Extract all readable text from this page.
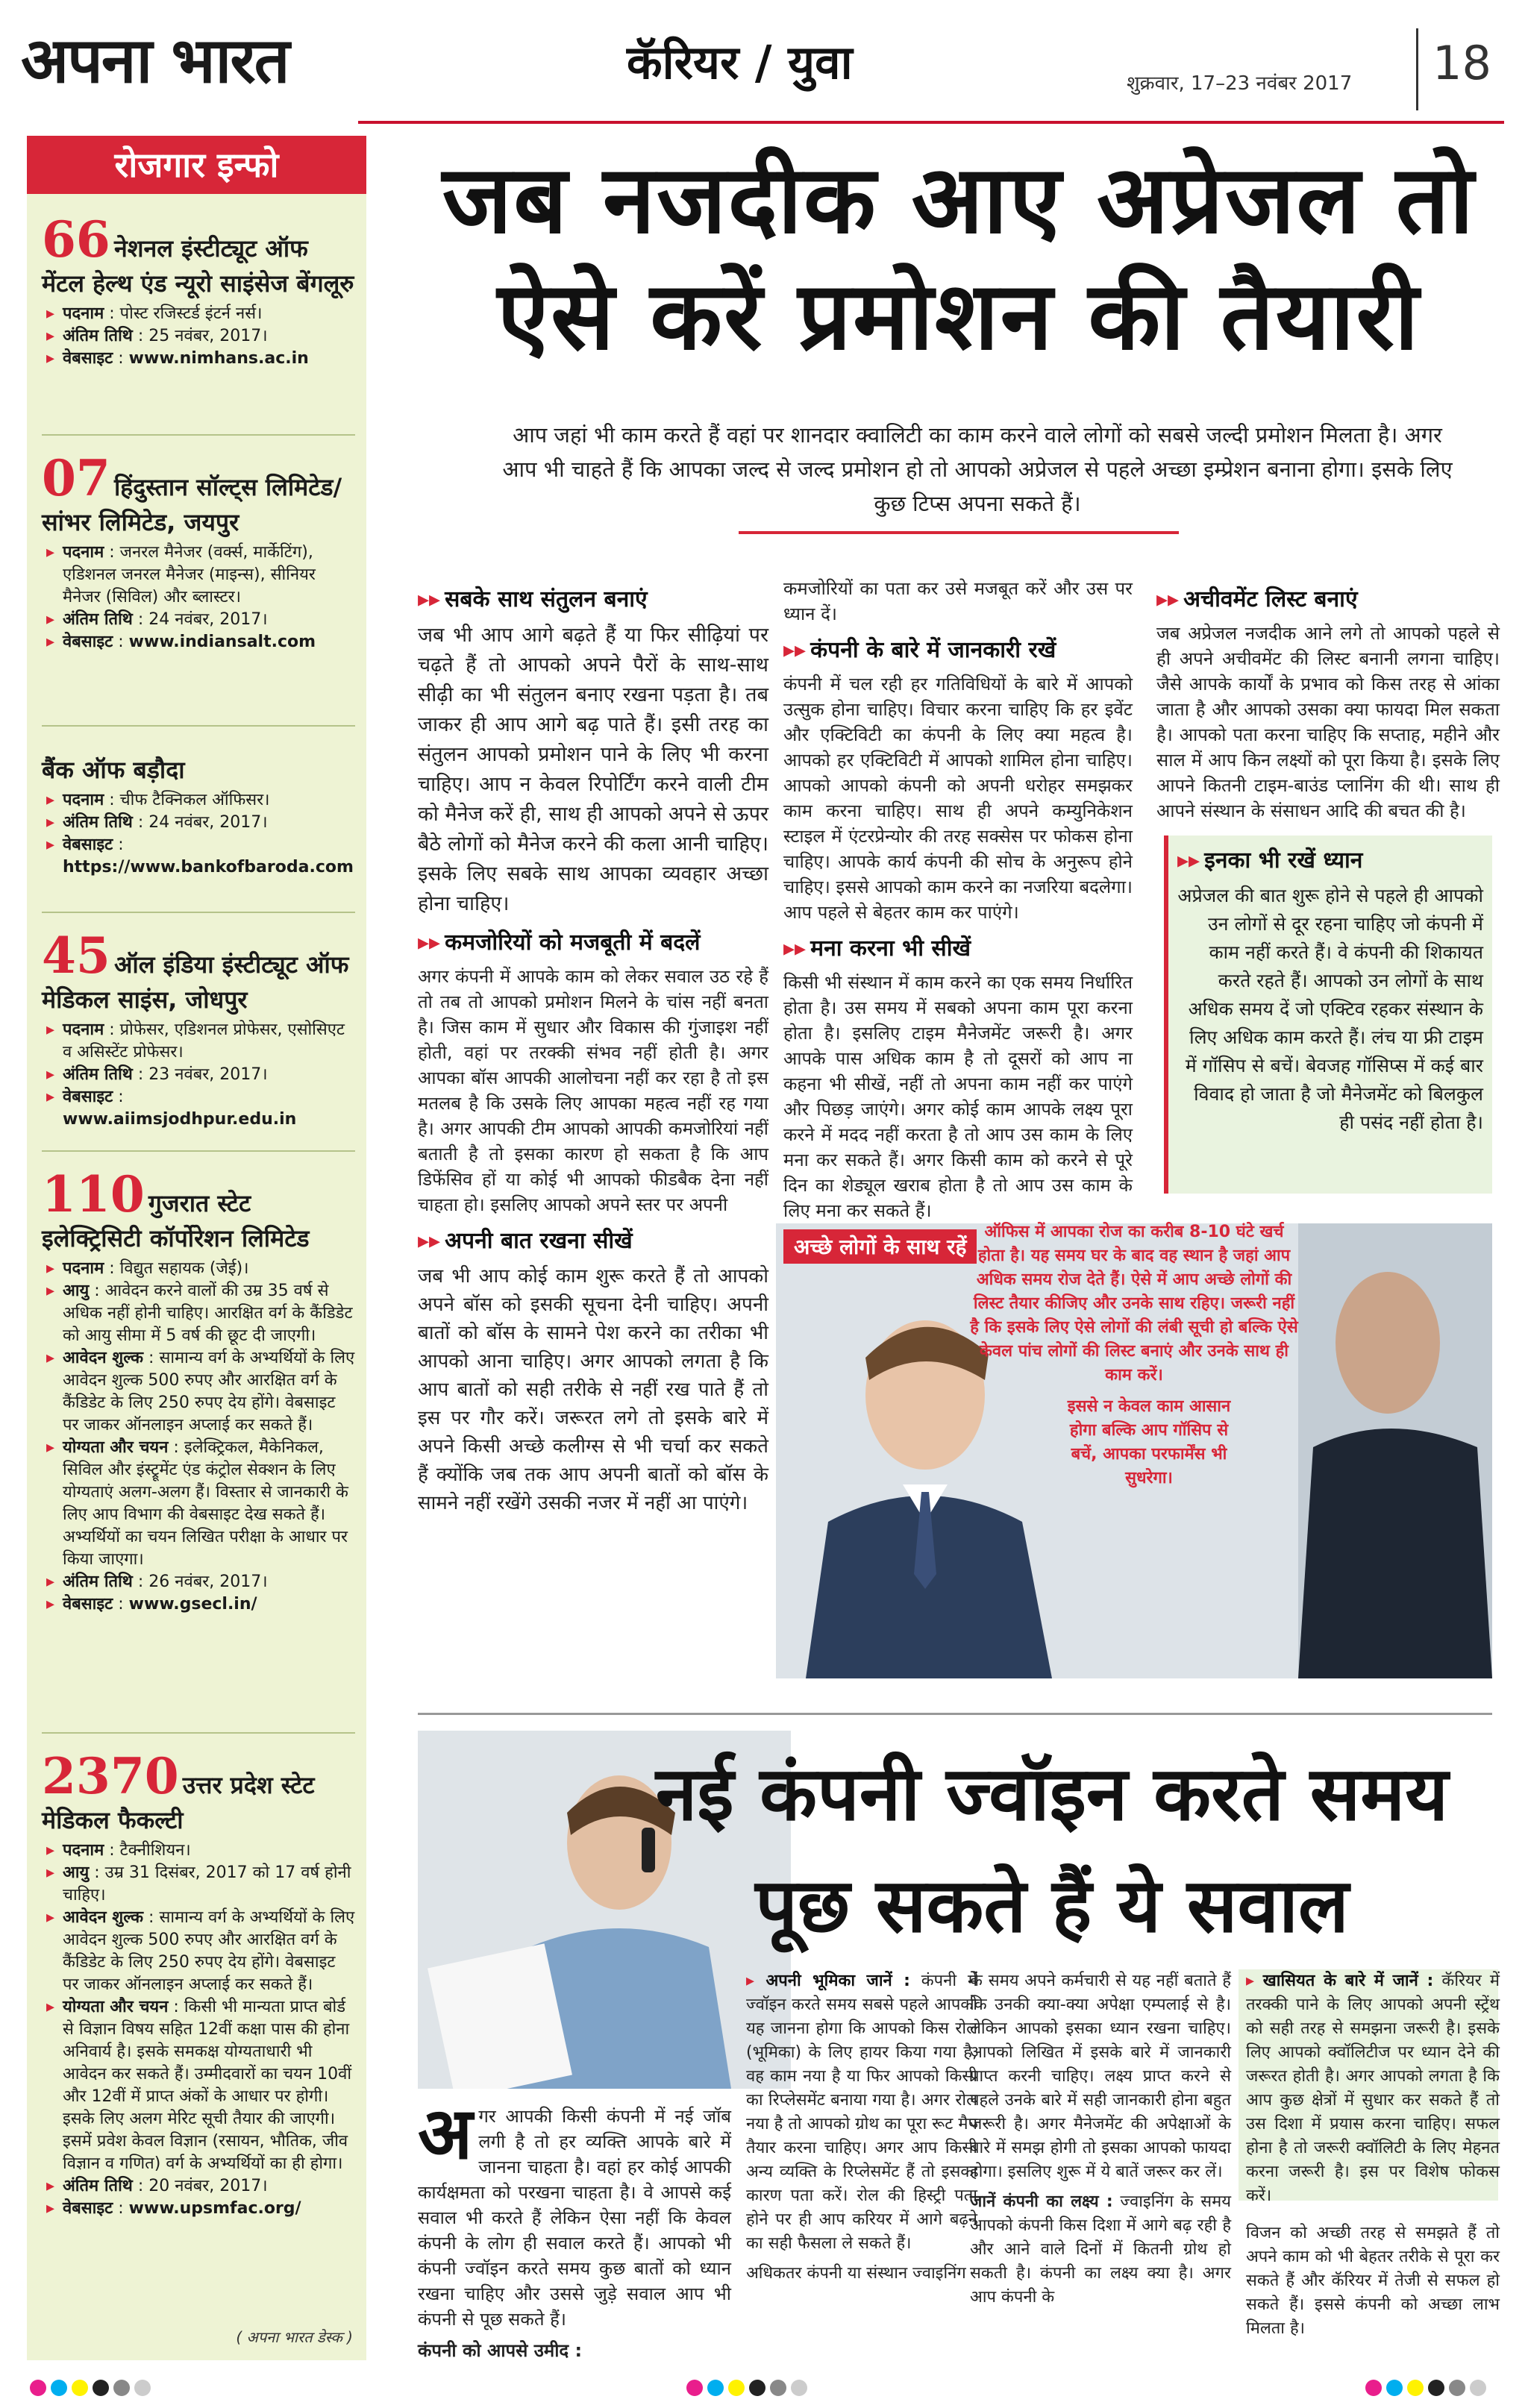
अपना भारत	कॅरियर / युवा	शुक्रवार, 17–23 नवंबर 2017 18
रोजगार इन्फो
66 नेशनल इंस्टीट्यूट ऑफ मेंटल हेल्थ एंड न्यूरो साइंसेज बेंगलूरु
▸ पदनाम : पोस्ट रजिस्टर्ड इंटर्न नर्स।
▸ अंतिम तिथि : 25 नवंबर, 2017।
▸ वेबसाइट : www.nimhans.ac.in
07 हिंदुस्तान सॉल्ट्स लिमिटेड/ सांभर लिमिटेड, जयपुर
▸ पदनाम : जनरल मैनेजर (वर्क्स, मार्केटिंग), एडिशनल जनरल मैनेजर (माइन्स), सीनियर मैनेजर (सिविल) और ब्लास्टर।
▸ अंतिम तिथि : 24 नवंबर, 2017।
▸ वेबसाइट : www.indiansalt.com
बैंक ऑफ बड़ौदा
▸ पदनाम : चीफ टैक्निकल ऑफिसर।
▸ अंतिम तिथि : 24 नवंबर, 2017।
▸ वेबसाइट : https://www.bankofbaroda.com
45 ऑल इंडिया इंस्टीट्यूट ऑफ मेडिकल साइंस, जोधपुर
▸ पदनाम : प्रोफेसर, एडिशनल प्रोफेसर, एसोसिएट व असिस्टेंट प्रोफेसर।
▸ अंतिम तिथि : 23 नवंबर, 2017।
▸ वेबसाइट : www.aiimsjodhpur.edu.in
110 गुजरात स्टेट इलेक्ट्रिसिटी कॉर्पोरेशन लिमिटेड
▸ पदनाम : विद्युत सहायक (जेई)।
▸ आयु : आवेदन करने वालों की उम्र 35 वर्ष से अधिक नहीं होनी चाहिए। आरक्षित वर्ग के कैंडिडेट को आयु सीमा में 5 वर्ष की छूट दी जाएगी।
▸ आवेदन शुल्क : सामान्य वर्ग के अभ्यर्थियों के लिए आवेदन शुल्क 500 रुपए और आरक्षित वर्ग के कैंडिडेट के लिए 250 रुपए देय होंगे। वेबसाइट पर जाकर ऑनलाइन अप्लाई कर सकते हैं।
▸ योग्यता और चयन : इलेक्ट्रिकल, मैकेनिकल, सिविल और इंस्ट्रूमेंट एंड कंट्रोल सेक्शन के लिए योग्यताएं अलग-अलग हैं। विस्तार से जानकारी के लिए आप विभाग की वेबसाइट देख सकते हैं। अभ्यर्थियों का चयन लिखित परीक्षा के आधार पर किया जाएगा।
▸ अंतिम तिथि : 26 नवंबर, 2017।
▸ वेबसाइट : www.gsecl.in/
2370 उत्तर प्रदेश स्टेट मेडिकल फैकल्टी
▸ पदनाम : टैक्नीशियन।
▸ आयु : उम्र 31 दिसंबर, 2017 को 17 वर्ष होनी चाहिए।
▸ आवेदन शुल्क : सामान्य वर्ग के अभ्यर्थियों के लिए आवेदन शुल्क 500 रुपए और आरक्षित वर्ग के कैंडिडेट के लिए 250 रुपए देय होंगे। वेबसाइट पर जाकर ऑनलाइन अप्लाई कर सकते हैं।
▸ योग्यता और चयन : किसी भी मान्यता प्राप्त बोर्ड से विज्ञान विषय सहित 12वीं कक्षा पास की होना अनिवार्य है। इसके समकक्ष योग्यताधारी भी आवेदन कर सकते हैं। उम्मीदवारों का चयन 10वीं और 12वीं में प्राप्त अंकों के आधार पर होगी। इसके लिए अलग मेरिट सूची तैयार की जाएगी। इसमें प्रवेश केवल विज्ञान (रसायन, भौतिक, जीव विज्ञान व गणित) वर्ग के अभ्यर्थियों का ही होगा।
▸ अंतिम तिथि : 20 नवंबर, 2017।
▸ वेबसाइट : www.upsmfac.org/
( अपना भारत डेस्क )
जब नजदीक आए अप्रेजल तो ऐसे करें प्रमोशन की तैयारी
आप जहां भी काम करते हैं वहां पर शानदार क्वालिटी का काम करने वाले लोगों को सबसे जल्दी प्रमोशन मिलता है। अगर आप भी चाहते हैं कि आपका जल्द से जल्द प्रमोशन हो तो आपको अप्रेजल से पहले अच्छा इम्प्रेशन बनाना होगा। इसके लिए कुछ टिप्स अपना सकते हैं।
▸▸ सबके साथ संतुलन बनाएं

जब भी आप आगे बढ़ते हैं या फिर सीढ़ियां पर चढ़ते हैं तो आपको अपने पैरों के साथ-साथ सीढ़ी का भी संतुलन बनाए रखना पड़ता है। तब जाकर ही आप आगे बढ़ पाते हैं। इसी तरह का संतुलन आपको प्रमोशन पाने के लिए भी करना चाहिए। आप न केवल रिपोर्टिंग करने वाली टीम को मैनेज करें ही, साथ ही आपको अपने से ऊपर बैठे लोगों को मैनेज करने की कला आनी चाहिए। इसके लिए सबके साथ आपका व्यवहार अच्छा होना चाहिए।

▸▸ कमजोरियों को मजबूती में बदलें

अगर कंपनी में आपके काम को लेकर सवाल उठ रहे हैं तो तब तो आपको प्रमोशन मिलने के चांस नहीं बनता है। जिस काम में सुधार और विकास की गुंजाइश नहीं होती, वहां पर तरक्की संभव नहीं होती है। अगर आपका बॉस आपकी आलोचना नहीं कर रहा है तो इस मतलब है कि उसके लिए आपका महत्व नहीं रह गया है। अगर आपकी टीम आपको आपकी कमजोरियां नहीं बताती है तो इसका कारण हो सकता है कि आप डिफेंसिव हों या कोई भी आपको फीडबैक देना नहीं चाहता हो। इसलिए आपको अपने स्तर पर अपनी

▸▸ अपनी बात रखना सीखें

जब भी आप कोई काम शुरू करते हैं तो आपको अपने बॉस को इसकी सूचना देनी चाहिए। अपनी बातों को बॉस के सामने पेश करने का तरीका भी आपको आना चाहिए। अगर आपको लगता है कि आप बातों को सही तरीके से नहीं रख पाते हैं तो इस पर गौर करें। जरूरत लगे तो इसके बारे में अपने किसी अच्छे कलीग्स से भी चर्चा कर सकते हैं क्योंकि जब तक आप अपनी बातों को बॉस के सामने नहीं रखेंगे उसकी नजर में नहीं आ पाएंगे।

कमजोरियों का पता कर उसे मजबूत करें और उस पर ध्यान दें।

▸▸ कंपनी के बारे में जानकारी रखें

कंपनी में चल रही हर गतिविधियों के बारे में आपको उत्सुक होना चाहिए। विचार करना चाहिए कि हर इवेंट और एक्टिविटी का कंपनी के लिए क्या महत्व है। आपको हर एक्टिविटी में आपको शामिल होना चाहिए। आपको आपको कंपनी को अपनी धरोहर समझकर काम करना चाहिए। साथ ही अपने कम्युनिकेशन स्टाइल में एंटरप्रेन्योर की तरह सक्सेस पर फोकस होना चाहिए। आपके कार्य कंपनी की सोच के अनुरूप होने चाहिए। इससे आपको काम करने का नजरिया बदलेगा। आप पहले से बेहतर काम कर पाएंगे।

▸▸ मना करना भी सीखें

किसी भी संस्थान में काम करने का एक समय निर्धारित होता है। उस समय में सबको अपना काम पूरा करना होता है। इसलिए टाइम मैनेजमेंट जरूरी है। अगर आपके पास अधिक काम है तो दूसरों को आप ना कहना भी सीखें, नहीं तो अपना काम नहीं कर पाएंगे और पिछड़ जाएंगे। अगर कोई काम आपके लक्ष्य पूरा करने में मदद नहीं करता है तो आप उस काम के लिए मना कर सकते हैं। अगर किसी काम को करने से पूरे दिन का शेड्यूल खराब होता है तो आप उस काम के लिए मना कर सकते हैं।

▸▸ अचीवमेंट लिस्ट बनाएं

जब अप्रेजल नजदीक आने लगे तो आपको पहले से ही अपने अचीवमेंट की लिस्ट बनानी लगना चाहिए। जैसे आपके कार्यों के प्रभाव को किस तरह से आंका जाता है और आपको उसका क्या फायदा मिल सकता है। आपको पता करना चाहिए कि सप्ताह, महीने और साल में आप किन लक्ष्यों को पूरा किया है। इसके लिए आपने कितनी टाइम-बाउंड प्लानिंग की थी। साथ ही आपने संस्थान के संसाधन आदि की बचत की है।

▸▸ इनका भी रखें ध्यान

अप्रेजल की बात शुरू होने से पहले ही आपको उन लोगों से दूर रहना चाहिए जो कंपनी में काम नहीं करते हैं। वे कंपनी की शिकायत करते रहते हैं। आपको उन लोगों के साथ अधिक समय दें जो एक्टिव रहकर संस्थान के लिए अधिक काम करते हैं। लंच या फ्री टाइम में गॉसिप से बचें। बेवजह गॉसिप्स में कई बार विवाद हो जाता है जो मैनेजमेंट को बिलकुल ही पसंद नहीं होता है।

अच्छे लोगों के साथ रहें
ऑफिस में आपका रोज का करीब 8-10 घंटे खर्च होता है। यह समय घर के बाद वह स्थान है जहां आप अधिक समय रोज देते हैं। ऐसे में आप अच्छे लोगों की लिस्ट तैयार कीजिए और उनके साथ रहिए। जरूरी नहीं है कि इसके लिए ऐसे लोगों की लंबी सूची हो बल्कि ऐसे केवल पांच लोगों की लिस्ट बनाएं और उनके साथ ही काम करें।
इससे न केवल काम आसान होगा बल्कि आप गॉसिप से बचें, आपका परफार्मेंस भी सुधरेगा।
नई कंपनी ज्वॉइन करते समय पूछ सकते हैं ये सवाल

अगर आपकी किसी कंपनी में नई जॉब लगी है तो हर व्यक्ति आपके बारे में जानना चाहता है। वहां हर कोई आपकी कार्यक्षमता को परखना चाहता है। वे आपसे कई सवाल भी करते हैं लेकिन ऐसा नहीं कि केवल कंपनी के लोग ही सवाल करते हैं। आपको भी कंपनी ज्वॉइन करते समय कुछ बातों को ध्यान रखना चाहिए और उससे जुड़े सवाल आप भी कंपनी से पूछ सकते हैं।

कंपनी को आपसे उमीद :

▸ अपनी भूमिका जानें : कंपनी में ज्वॉइन करते समय सबसे पहले आपको यह जानना होगा कि आपको किस रोल (भूमिका) के लिए हायर किया गया है, वह काम नया है या फिर आपको किसी का रिप्लेसमेंट बनाया गया है। अगर रोल नया है तो आपको ग्रोथ का पूरा रूट मैप तैयार करना चाहिए। अगर आप किसी अन्य व्यक्ति के रिप्लेसमेंट हैं तो इसका कारण पता करें। रोल की हिस्ट्री पता होने पर ही आप करियर में आगे बढ़ने का सही फैसला ले सकते हैं।

अधिकतर कंपनी या संस्थान ज्वाइनिंग

के समय अपने कर्मचारी से यह नहीं बताते हैं कि उनकी क्या-क्या अपेक्षा एम्पलाई से है। लेकिन आपको इसका ध्यान रखना चाहिए। आपको लिखित में इसके बारे में जानकारी प्राप्त करनी चाहिए। लक्ष्य प्राप्त करने से पहले उनके बारे में सही जानकारी होना बहुत जरूरी है। अगर मैनेजमेंट की अपेक्षाओं के बारे में समझ होगी तो इसका आपको फायदा होगा। इसलिए शुरू में ये बातें जरूर कर लें।

जानें कंपनी का लक्ष्य : ज्वाइनिंग के समय आपको कंपनी किस दिशा में आगे बढ़ रही है और आने वाले दिनों में कितनी ग्रोथ हो सकती है। कंपनी का लक्ष्य क्या है। अगर आप कंपनी के

▸ खासियत के बारे में जानें : कॅरियर में तरक्की पाने के लिए आपको अपनी स्ट्रेंथ को सही तरह से समझना जरूरी है। इसके लिए आपको क्वॉलिटीज पर ध्यान देने की जरूरत होती है। अगर आपको लगता है कि आप कुछ क्षेत्रों में सुधार कर सकते हैं तो उस दिशा में प्रयास करना चाहिए। सफल होना है तो जरूरी क्वॉलिटी के लिए मेहनत करना जरूरी है। इस पर विशेष फोकस करें।

विजन को अच्छी तरह से समझते हैं तो अपने काम को भी बेहतर तरीके से पूरा कर सकते हैं और कॅरियर में तेजी से सफल हो सकते हैं। इससे कंपनी को अच्छा लाभ मिलता है।
